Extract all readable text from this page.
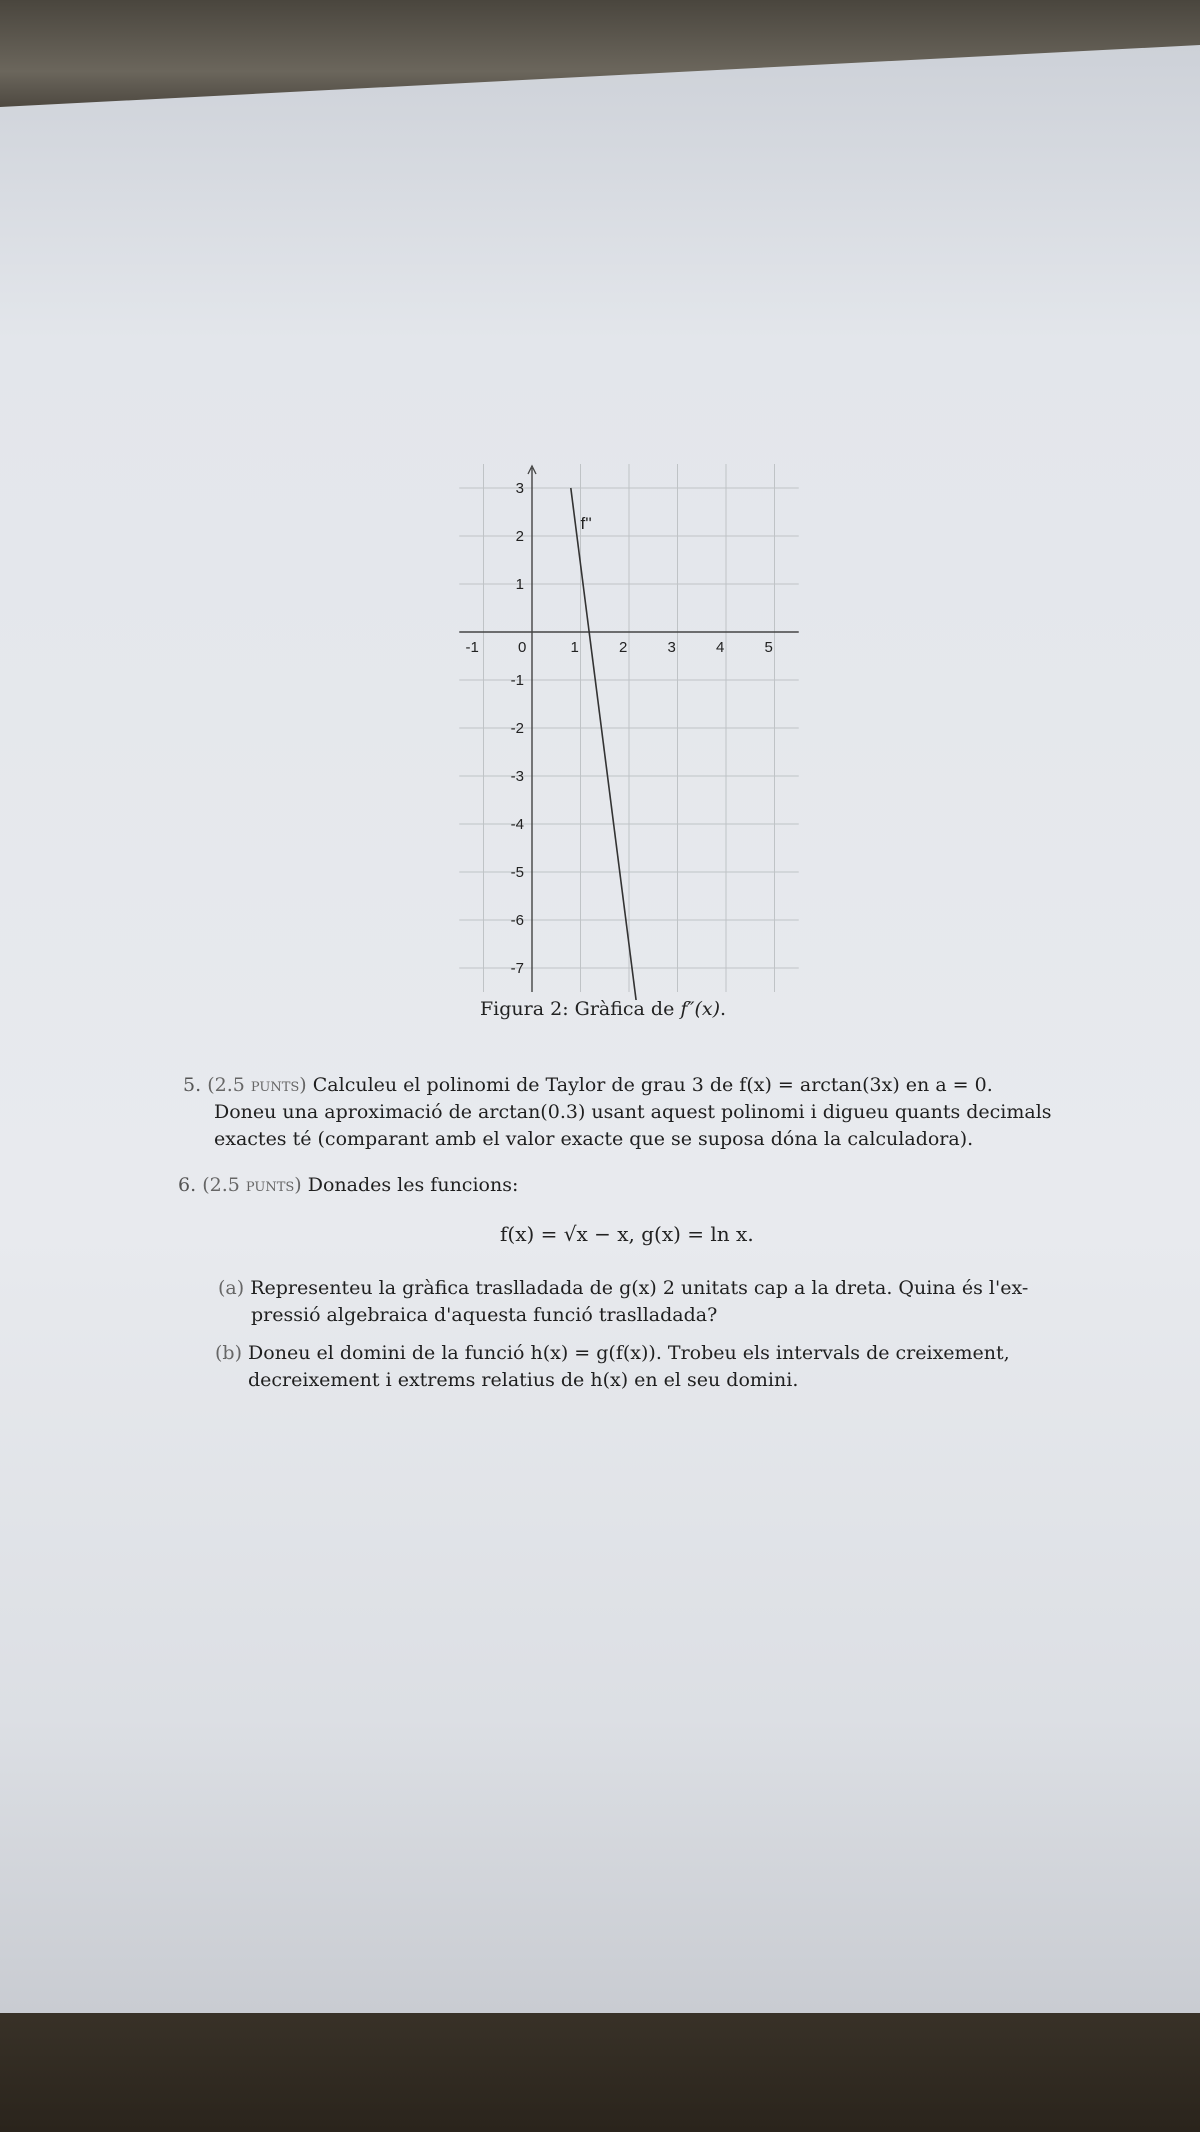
-1	0	1	2	3	4	5
3
2
1
-1
-2
-3
-4
-5
-6
-7
f''
Figura 2: Gràfica de f″(x).
5. (2.5 punts) Calculeu el polinomi de Taylor de grau 3 de f(x) = arctan(3x) en a = 0.
Doneu una aproximació de arctan(0.3) usant aquest polinomi i digueu quants decimals
exactes té (comparant amb el valor exacte que se suposa dóna la calculadora).
6. (2.5 punts) Donades les funcions:
f(x) = √x − x, g(x) = ln x.
(a) Representeu la gràfica traslladada de g(x) 2 unitats cap a la dreta. Quina és l'ex-
pressió algebraica d'aquesta funció traslladada?
(b) Doneu el domini de la funció h(x) = g(f(x)). Trobeu els intervals de creixement,
decreixement i extrems relatius de h(x) en el seu domini.
